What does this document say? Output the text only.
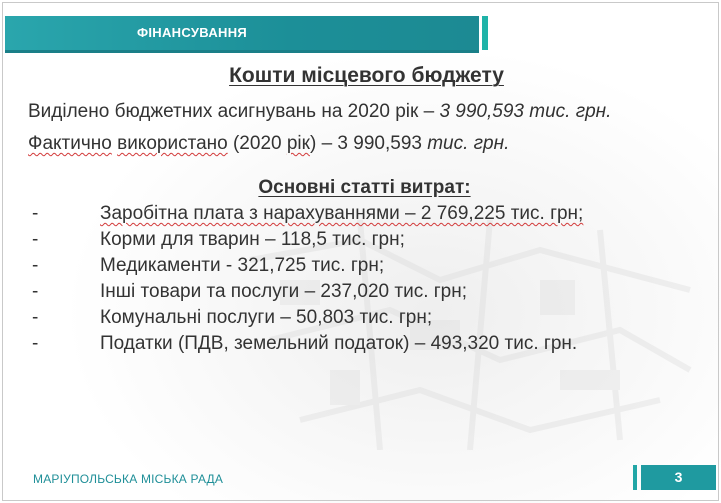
ФІНАНСУВАННЯ
Кошти місцевого бюджету
Виділено бюджетних асигнувань на 2020 рік – 3 990,593 тис. грн.
Фактично використано (2020 рік) – 3 990,593 тис. грн.
Основні статті витрат:
-	Заробітна плата з нарахуваннями – 2 769,225 тис. грн;
-	Корми для тварин – 118,5 тис. грн;
-	Медикаменти - 321,725 тис. грн;
-	Інші товари та послуги – 237,020 тис. грн;
-	Комунальні послуги – 50,803 тис. грн;
-	Податки (ПДВ, земельний податок) – 493,320 тис. грн.
МАРІУПОЛЬСЬКА МІСЬКА РАДА	3
